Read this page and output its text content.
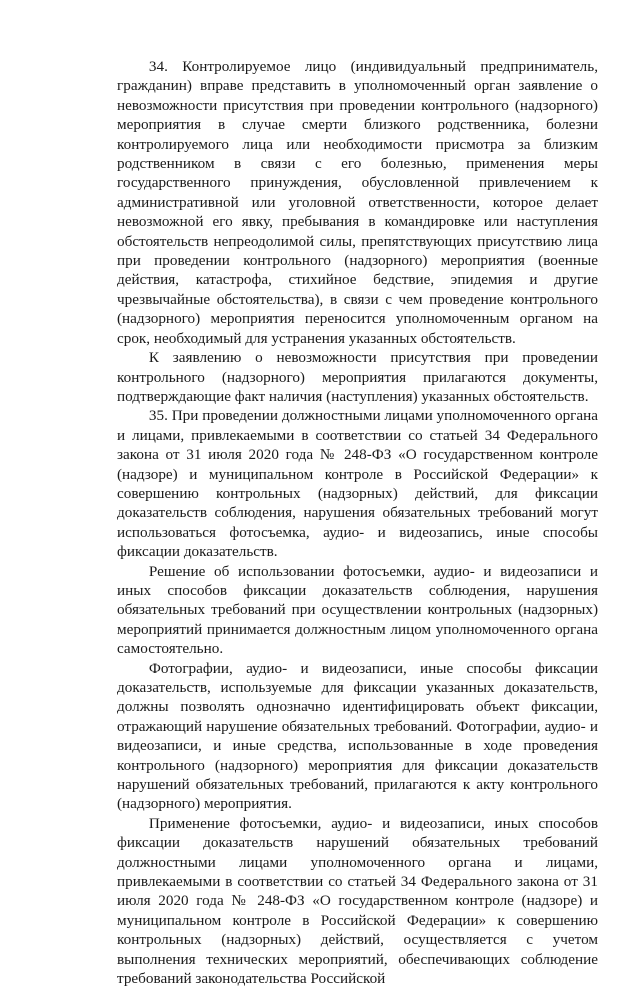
34. Контролируемое лицо (индивидуальный предприниматель, гражданин) вправе представить в уполномоченный орган заявление о невозможности присутствия при проведении контрольного (надзорного) мероприятия в случае смерти близкого родственника, болезни контролируемого лица или необходимости присмотра за близким родственником в связи с его болезнью, применения меры государственного принуждения, обусловленной привлечением к административной или уголовной ответственности, которое делает невозможной его явку, пребывания в командировке или наступления обстоятельств непреодолимой силы, препятствующих присутствию лица при проведении контрольного (надзорного) мероприятия (военные действия, катастрофа, стихийное бедствие, эпидемия и другие чрезвычайные обстоятельства), в связи с чем проведение контрольного (надзорного) мероприятия переносится уполномоченным органом на срок, необходимый для устранения указанных обстоятельств.

К заявлению о невозможности присутствия при проведении контрольного (надзорного) мероприятия прилагаются документы, подтверждающие факт наличия (наступления) указанных обстоятельств.

35. При проведении должностными лицами уполномоченного органа и лицами, привлекаемыми в соответствии со статьей 34 Федерального закона от 31 июля 2020 года № 248-ФЗ «О государственном контроле (надзоре) и муниципальном контроле в Российской Федерации» к совершению контрольных (надзорных) действий, для фиксации доказательств соблюдения, нарушения обязательных требований могут использоваться фотосъемка, аудио- и видеозапись, иные способы фиксации доказательств.

Решение об использовании фотосъемки, аудио- и видеозаписи и иных способов фиксации доказательств соблюдения, нарушения обязательных требований при осуществлении контрольных (надзорных) мероприятий принимается должностным лицом уполномоченного органа самостоятельно.

Фотографии, аудио- и видеозаписи, иные способы фиксации доказательств, используемые для фиксации указанных доказательств, должны позволять однозначно идентифицировать объект фиксации, отражающий нарушение обязательных требований. Фотографии, аудио- и видеозаписи, и иные средства, использованные в ходе проведения контрольного (надзорного) мероприятия для фиксации доказательств нарушений обязательных требований, прилагаются к акту контрольного (надзорного) мероприятия.

Применение фотосъемки, аудио- и видеозаписи, иных способов фиксации доказательств нарушений обязательных требований должностными лицами уполномоченного органа и лицами, привлекаемыми в соответствии со статьей 34 Федерального закона от 31 июля 2020 года № 248-ФЗ «О государственном контроле (надзоре) и муниципальном контроле в Российской Федерации» к совершению контрольных (надзорных) действий, осуществляется с учетом выполнения технических мероприятий, обеспечивающих соблюдение требований законодательства Российской
